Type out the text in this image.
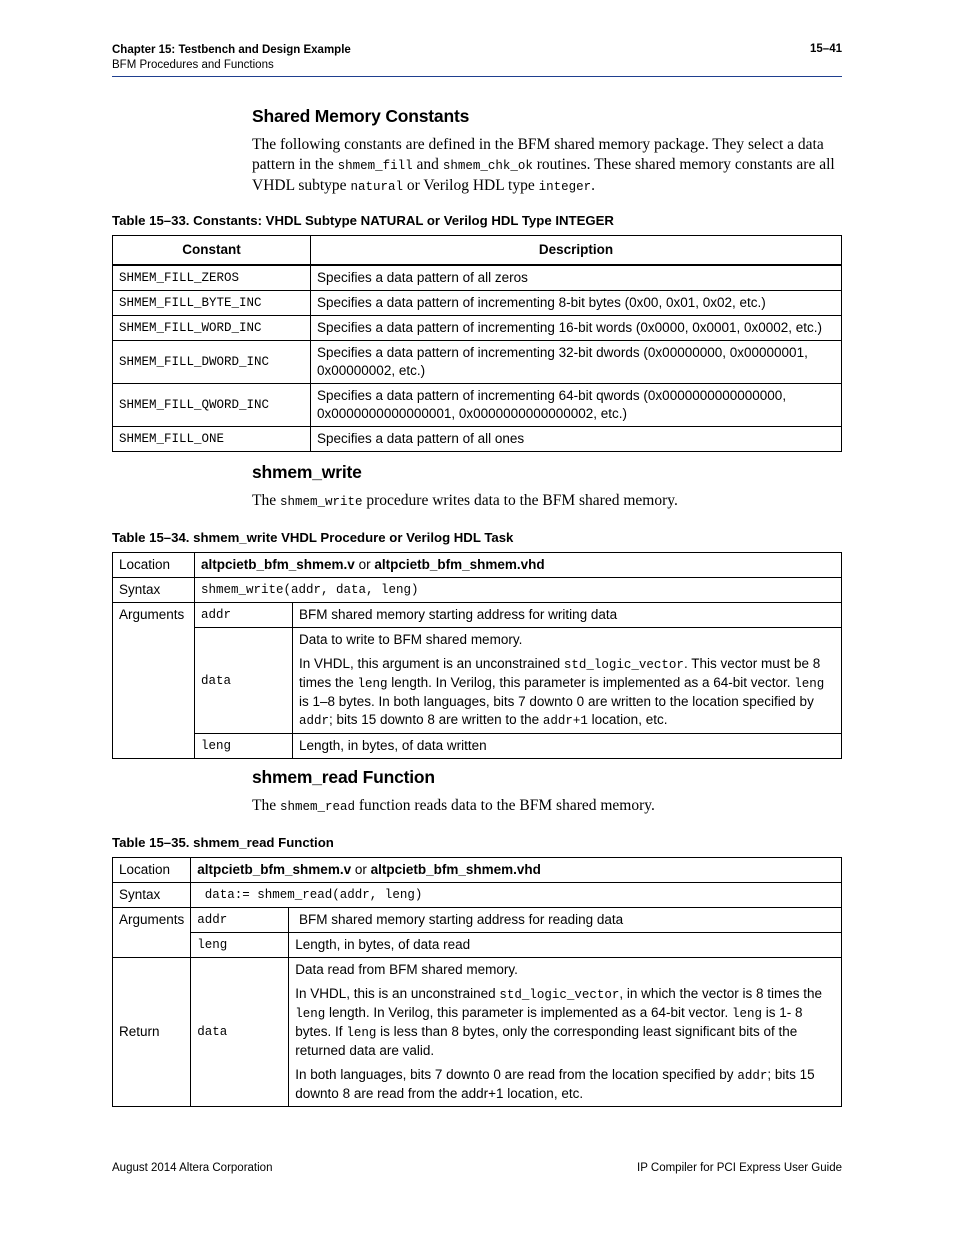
Chapter 15: Testbench and Design Example
BFM Procedures and Functions
15–41
Shared Memory Constants
The following constants are defined in the BFM shared memory package. They select a data pattern in the shmem_fill and shmem_chk_ok routines. These shared memory constants are all VHDL subtype natural or Verilog HDL type integer.
Table 15–33. Constants: VHDL Subtype NATURAL or Verilog HDL Type INTEGER
Constant	Description
SHMEM_FILL_ZEROS	Specifies a data pattern of all zeros
SHMEM_FILL_BYTE_INC	Specifies a data pattern of incrementing 8-bit bytes (0x00, 0x01, 0x02, etc.)
SHMEM_FILL_WORD_INC	Specifies a data pattern of incrementing 16-bit words (0x0000, 0x0001, 0x0002, etc.)
SHMEM_FILL_DWORD_INC	Specifies a data pattern of incrementing 32-bit dwords (0x00000000, 0x00000001, 0x00000002, etc.)
SHMEM_FILL_QWORD_INC	Specifies a data pattern of incrementing 64-bit qwords (0x0000000000000000, 0x0000000000000001, 0x0000000000000002, etc.)
SHMEM_FILL_ONE	Specifies a data pattern of all ones
shmem_write
The shmem_write procedure writes data to the BFM shared memory.
Table 15–34. shmem_write VHDL Procedure or Verilog HDL Task
Location	altpcietb_bfm_shmem.v or altpcietb_bfm_shmem.vhd	
Syntax	shmem_write(addr, data, leng)	
Arguments	addr	BFM shared memory starting address for writing data
	data	Data to write to BFM shared memory.
In VHDL, this argument is an unconstrained std_logic_vector. This vector must be 8 times the leng length. In Verilog, this parameter is implemented as a 64-bit vector. leng is 1–8 bytes. In both languages, bits 7 downto 0 are written to the location specified by addr; bits 15 downto 8 are written to the addr+1 location, etc.

	leng	Length, in bytes, of data written
shmem_read Function
The shmem_read function reads data to the BFM shared memory.
Table 15–35. shmem_read Function
Location	altpcietb_bfm_shmem.v or altpcietb_bfm_shmem.vhd	
Syntax	data:= shmem_read(addr, leng)	
Arguments	addr	BFM shared memory starting address for reading data
	leng	Length, in bytes, of data read
Return	data	Data read from BFM shared memory.
In VHDL, this is an unconstrained std_logic_vector, in which the vector is 8 times the leng length. In Verilog, this parameter is implemented as a 64-bit vector. leng is 1- 8 bytes. If leng is less than 8 bytes, only the corresponding least significant bits of the returned data are valid.
In both languages, bits 7 downto 0 are read from the location specified by addr; bits 15 downto 8 are read from the addr+1 location, etc.
August 2014 Altera Corporation	IP Compiler for PCI Express User Guide
